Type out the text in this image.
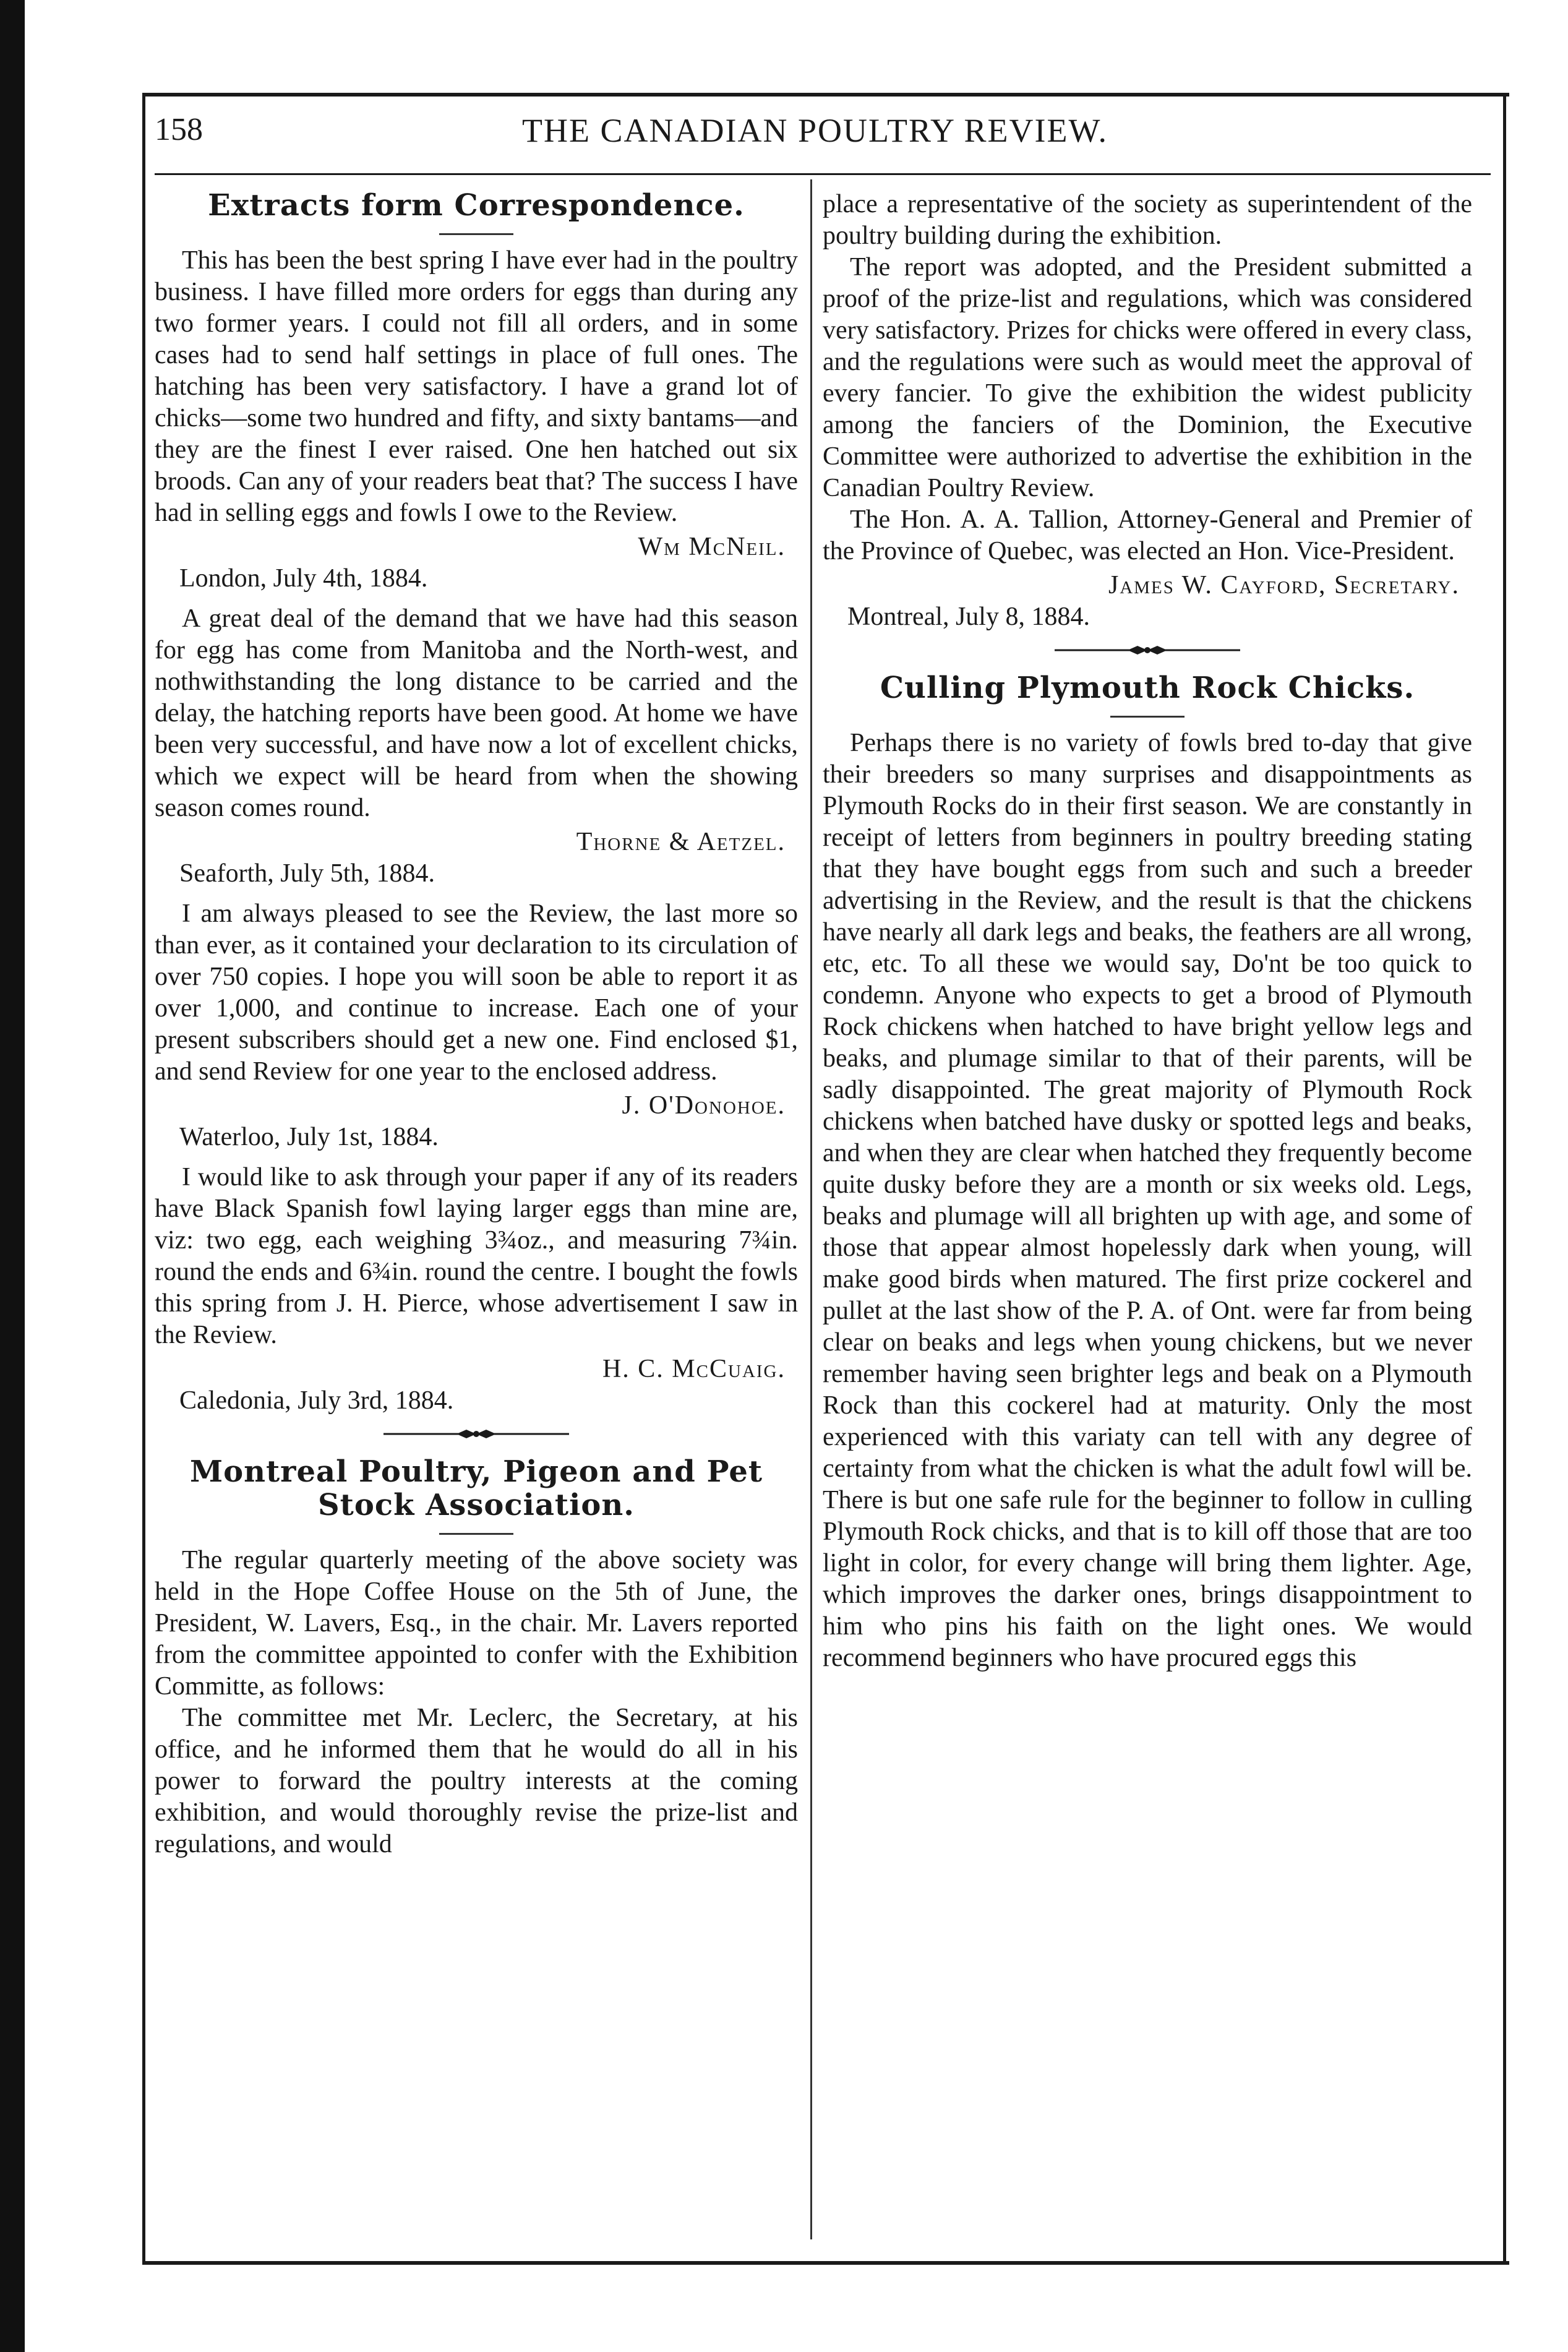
158	THE CANADIAN POULTRY REVIEW.
Extracts form Correspondence.

This has been the best spring I have ever had in the poultry business. I have filled more orders for eggs than during any two former years. I could not fill all orders, and in some cases had to send half settings in place of full ones. The hatching has been very satisfactory. I have a grand lot of chicks—some two hundred and fifty, and sixty bantams—and they are the finest I ever raised. One hen hatched out six broods. Can any of your readers beat that? The success I have had in selling eggs and fowls I owe to the Review.

Wm McNeil.
London, July 4th, 1884.

A great deal of the demand that we have had this season for egg has come from Manitoba and the North-west, and nothwithstanding the long distance to be carried and the delay, the hatching reports have been good. At home we have been very successful, and have now a lot of excellent chicks, which we expect will be heard from when the showing season comes round.

Thorne & Aetzel.
Seaforth, July 5th, 1884.

I am always pleased to see the Review, the last more so than ever, as it contained your declaration to its circulation of over 750 copies. I hope you will soon be able to report it as over 1,000, and continue to increase. Each one of your present subscribers should get a new one. Find enclosed $1, and send Review for one year to the enclosed address.

J. O'Donohoe.
Waterloo, July 1st, 1884.

I would like to ask through your paper if any of its readers have Black Spanish fowl laying larger eggs than mine are, viz: two egg, each weighing 3¾oz., and measuring 7¾in. round the ends and 6¾in. round the centre. I bought the fowls this spring from J. H. Pierce, whose advertisement I saw in the Review.

H. C. McCuaig.
Caledonia, July 3rd, 1884.
Montreal Poultry, Pigeon and Pet Stock Association.

The regular quarterly meeting of the above society was held in the Hope Coffee House on the 5th of June, the President, W. Lavers, Esq., in the chair. Mr. Lavers reported from the committee appointed to confer with the Exhibition Committe, as follows:

The committee met Mr. Leclerc, the Secretary, at his office, and he informed them that he would do all in his power to forward the poultry interests at the coming exhibition, and would thoroughly revise the prize-list and regulations, and would

place a representative of the society as superintendent of the poultry building during the exhibition.

The report was adopted, and the President submitted a proof of the prize-list and regulations, which was considered very satisfactory. Prizes for chicks were offered in every class, and the regulations were such as would meet the approval of every fancier. To give the exhibition the widest publicity among the fanciers of the Dominion, the Executive Committee were authorized to advertise the exhibition in the Canadian Poultry Review.

The Hon. A. A. Tallion, Attorney-General and Premier of the Province of Quebec, was elected an Hon. Vice-President.

James W. Cayford, Secretary.
Montreal, July 8, 1884.
Culling Plymouth Rock Chicks.

Perhaps there is no variety of fowls bred to-day that give their breeders so many surprises and disappointments as Plymouth Rocks do in their first season. We are constantly in receipt of letters from beginners in poultry breeding stating that they have bought eggs from such and such a breeder advertising in the Review, and the result is that the chickens have nearly all dark legs and beaks, the feathers are all wrong, etc, etc. To all these we would say, Do'nt be too quick to condemn. Anyone who expects to get a brood of Plymouth Rock chickens when hatched to have bright yellow legs and beaks, and plumage similar to that of their parents, will be sadly disappointed. The great majority of Plymouth Rock chickens when batched have dusky or spotted legs and beaks, and when they are clear when hatched they frequently become quite dusky before they are a month or six weeks old. Legs, beaks and plumage will all brighten up with age, and some of those that appear almost hopelessly dark when young, will make good birds when matured. The first prize cockerel and pullet at the last show of the P. A. of Ont. were far from being clear on beaks and legs when young chickens, but we never remember having seen brighter legs and beak on a Plymouth Rock than this cockerel had at maturity. Only the most experienced with this variaty can tell with any degree of certainty from what the chicken is what the adult fowl will be. There is but one safe rule for the beginner to follow in culling Plymouth Rock chicks, and that is to kill off those that are too light in color, for every change will bring them lighter. Age, which improves the darker ones, brings disappointment to him who pins his faith on the light ones. We would recommend beginners who have procured eggs this
